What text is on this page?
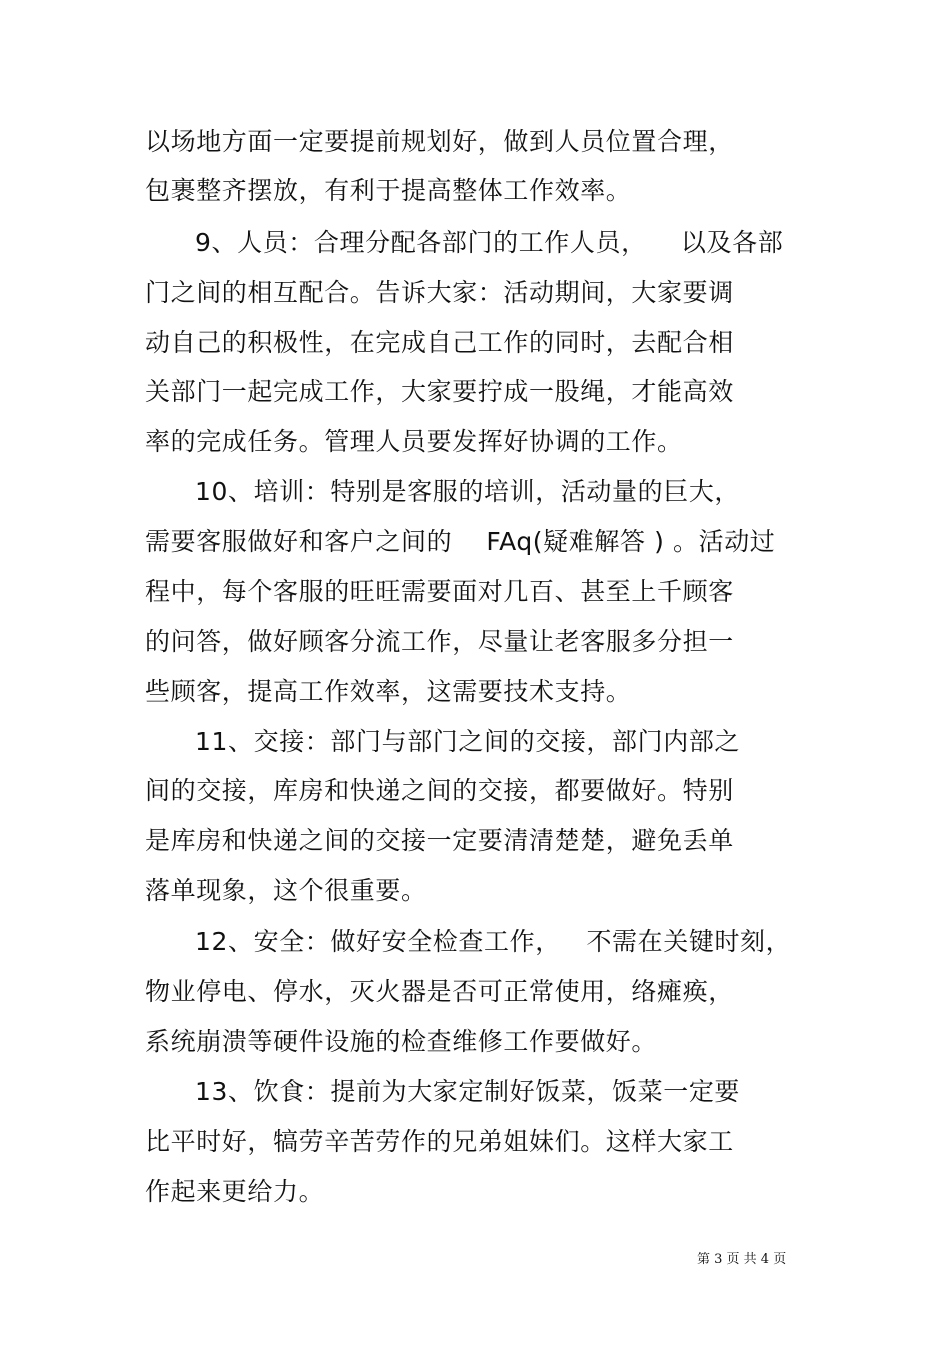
以场地方面一定要提前规划好，做到人员位置合理，
包裹整齐摆放，有利于提高整体工作效率。
9、人员：合理分配各部门的工作人员，    以及各部
门之间的相互配合。告诉大家：活动期间，大家要调
动自己的积极性，在完成自己工作的同时，去配合相
关部门一起完成工作，大家要拧成一股绳，才能高效
率的完成任务。管理人员要发挥好协调的工作。
10、培训：特别是客服的培训，活动量的巨大，
需要客服做好和客户之间的    FAq(疑难解答 ) 。活动过
程中，每个客服的旺旺需要面对几百、甚至上千顾客
的问答，做好顾客分流工作，尽量让老客服多分担一
些顾客，提高工作效率，这需要技术支持。
11、交接：部门与部门之间的交接，部门内部之
间的交接，库房和快递之间的交接，都要做好。特别
是库房和快递之间的交接一定要清清楚楚，避免丢单
落单现象，这个很重要。
12、安全：做好安全检查工作，   不需在关键时刻，
物业停电、停水，灭火器是否可正常使用，络瘫痪，
系统崩溃等硬件设施的检查维修工作要做好。
13、饮食：提前为大家定制好饭菜，饭菜一定要
比平时好，犒劳辛苦劳作的兄弟姐妹们。这样大家工
作起来更给力。
第 3 页 共 4 页
